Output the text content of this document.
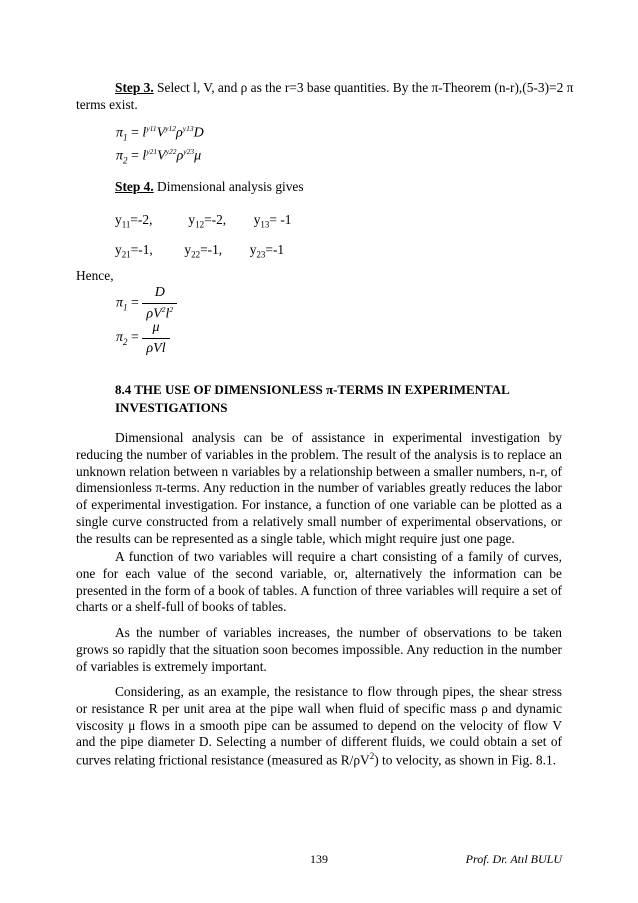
Step 3. Select l, V, and ρ as the r=3 base quantities. By the π-Theorem (n-r),(5-3)=2 π
terms exist.
$\pi_1 = l^{y11}V^{y12}\rho^{y13}D$
$\pi_2 = l^{y21}V^{y22}\rho^{y23}\mu$
Step 4. Dimensional analysis gives
$y_{11}=-2$,	$y_{12}=-2$, $y_{13}= -1$
$y_{21}=-1$, $y_{22}=-1$, $y_{23}=-1$
Hence,
$\pi_1 = \frac{D}{\rho V^2l^2}$
$\pi_2 = \frac{\mu}{\text{ρVl}}$
8.4 THE USE OF DIMENSIONLESS π-TERMS IN EXPERIMENTAL
INVESTIGATIONS

Dimensional analysis can be of assistance in experimental investigation by reducing the number of variables in the problem. The result of the analysis is to replace an unknown relation between n variables by a relationship between a smaller numbers, n-r, of dimensionless π-terms. Any reduction in the number of variables greatly reduces the labor of experimental investigation. For instance, a function of one variable can be plotted as a single curve constructed from a relatively small number of experimental observations, or the results can be represented as a single table, which might require just one page.

A function of two variables will require a chart consisting of a family of curves, one for each value of the second variable, or, alternatively the information can be presented in the form of a book of tables. A function of three variables will require a set of charts or a shelf-full of books of tables.

As the number of variables increases, the number of observations to be taken grows so rapidly that the situation soon becomes impossible. Any reduction in the number of variables is extremely important.

Considering, as an example, the resistance to flow through pipes, the shear stress or resistance R per unit area at the pipe wall when fluid of specific mass ρ and dynamic viscosity μ flows in a smooth pipe can be assumed to depend on the velocity of flow V and the pipe diameter D. Selecting a number of different fluids, we could obtain a set of curves relating frictional resistance (measured as $R/\rho V^2$) to velocity, as shown in Fig. 8.1.

139	Prof. Dr. Atıl BULU
